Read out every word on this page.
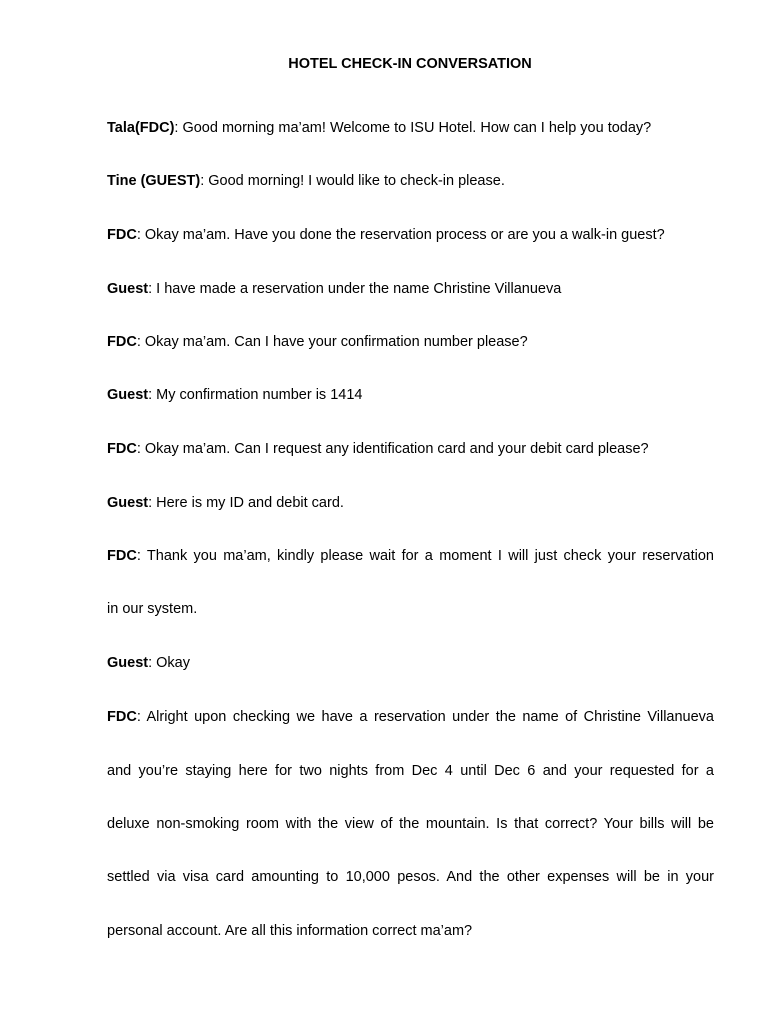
HOTEL CHECK-IN CONVERSATION
Tala(FDC): Good morning ma’am! Welcome to ISU Hotel. How can I help you today?
Tine (GUEST): Good morning! I would like to check-in please.
FDC: Okay ma’am. Have you done the reservation process or are you a walk-in guest?
Guest: I have made a reservation under the name Christine Villanueva
FDC: Okay ma’am. Can I have your confirmation number please?
Guest: My confirmation number is 1414
FDC: Okay ma’am. Can I request any identification card and your debit card please?
Guest: Here is my ID and debit card.
FDC: Thank you ma’am, kindly please wait for a moment I will just check your reservation
in our system.
Guest: Okay
FDC: Alright upon checking we have a reservation under the name of Christine Villanueva
and you’re staying here for two nights from Dec 4 until Dec 6 and your requested for a
deluxe non-smoking room with the view of the mountain. Is that correct? Your bills will be
settled via visa card amounting to 10,000 pesos. And the other expenses will be in your
personal account. Are all this information correct ma’am?
